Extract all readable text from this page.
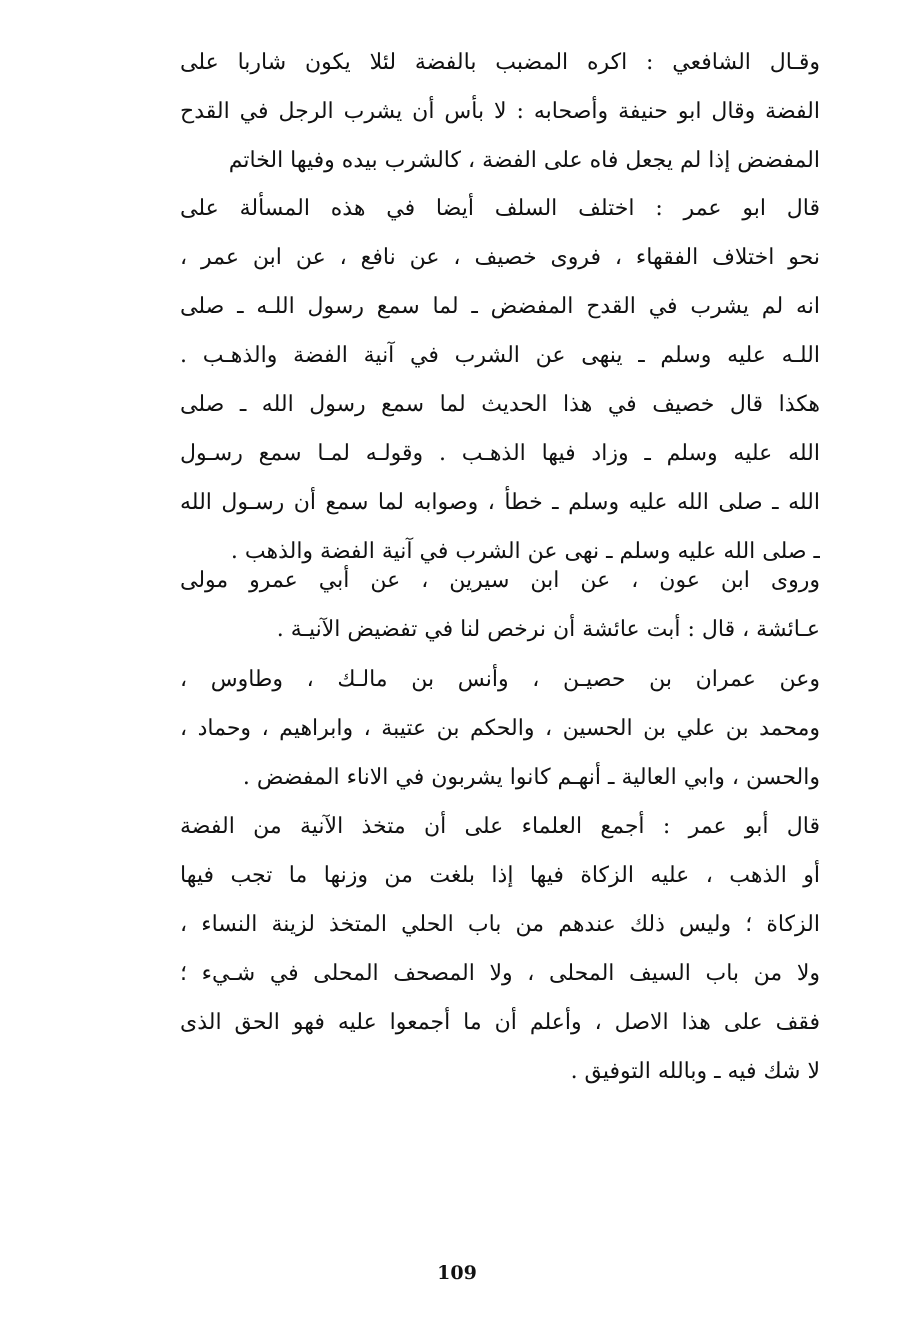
وقـال الشافعي : اكره المضبب بالفضة لئلا يكون شاربا على
الفضة وقال ابو حنيفة وأصحابه : لا بأس أن يشرب الرجل في القدح
المفضض إذا لم يجعل فاه على الفضة ، كالشرب بيده وفيها الخاتم
قال ابو عمر : اختلف السلف أيضا في هذه المسألة على
نحو اختلاف الفقهاء ، فروى خصيف ، عن نافع ، عن ابن عمر ،
انه لم يشرب في القدح المفضض ـ لما سمع رسول اللـه ـ صلى
اللـه عليه وسلم ـ ينهى عن الشرب في آنية الفضة والذهـب .
هكذا قال خصيف في هذا الحديث لما سمع رسول الله ـ صلى
الله عليه وسلم ـ وزاد فيها الذهـب . وقولـه لمـا سمع رسـول
الله ـ صلى الله عليه وسلم ـ خطأ ، وصوابه لما سمع أن رسـول الله
ـ صلى الله عليه وسلم ـ نهى عن الشرب في آنية الفضة والذهب .
وروى ابن عون ، عن ابن سيرين ، عن أبي عمرو مولى
عـائشة ، قال : أبت عائشة أن نرخص لنا في تفضيض الآنيـة .
وعن عمران بن حصيـن ، وأنس بن مالـك ، وطاوس ،
ومحمد بن علي بن الحسين ، والحكم بن عتيبة ، وابراهيم ، وحماد ،
والحسن ، وابي العالية ـ أنهـم كانوا يشربون في الاناء المفضض .
قال أبو عمر : أجمع العلماء على أن متخذ الآنية من الفضة
أو الذهب ، عليه الزكاة فيها إذا بلغت من وزنها ما تجب فيها
الزكاة ؛ وليس ذلك عندهم من باب الحلي المتخذ لزينة النساء ،
ولا من باب السيف المحلى ، ولا المصحف المحلى في شـيء ؛
فقف على هذا الاصل ، وأعلم أن ما أجمعوا عليه فهو الحق الذى
لا شك فيه ـ وبالله التوفيق .
109
